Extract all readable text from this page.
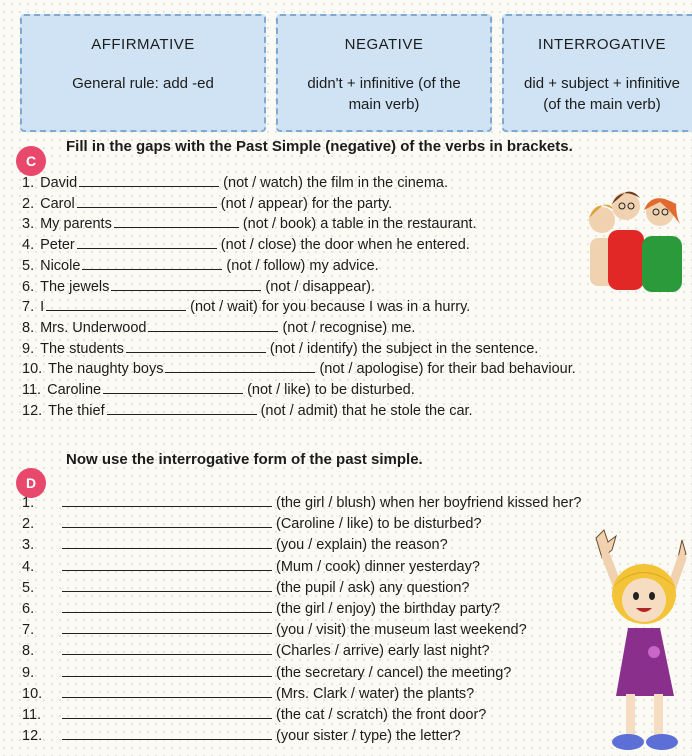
AFFIRMATIVE
General rule: add -ed
NEGATIVE
didn't + infinitive (of the
main verb)
INTERROGATIVE
did + subject + infinitive
(of the main verb)
C
Fill in the gaps with the Past Simple (negative) of the verbs in brackets.
1. David	(not / watch) the film in the cinema.
2. Carol	(not / appear) for the party.
3. My parents	(not / book) a table in the restaurant.
4. Peter	(not / close) the door when he entered.
5. Nicole	(not / follow) my advice.
6. The jewels	(not / disappear).
7. I	(not / wait) for you because I was in a hurry.
8. Mrs. Underwood	(not / recognise) me.
9. The students	(not / identify) the subject in the sentence.
10. The naughty boys	(not / apologise) for their bad behaviour.
11. Caroline	(not / like) to be disturbed.
12. The thief	(not / admit) that he stole the car.
D
Now use the interrogative form of the past simple.
1.	(the girl / blush) when her boyfriend kissed her?
2.	(Caroline / like) to be disturbed?
3.	(you / explain) the reason?
4.	(Mum / cook) dinner yesterday?
5.	(the pupil / ask) any question?
6.	(the girl / enjoy) the birthday party?
7.	(you / visit) the museum last weekend?
8.	(Charles / arrive) early last night?
9.	(the secretary / cancel) the meeting?
10.	(Mrs. Clark / water) the plants?
11.	(the cat / scratch) the front door?
12.	(your sister / type) the letter?
